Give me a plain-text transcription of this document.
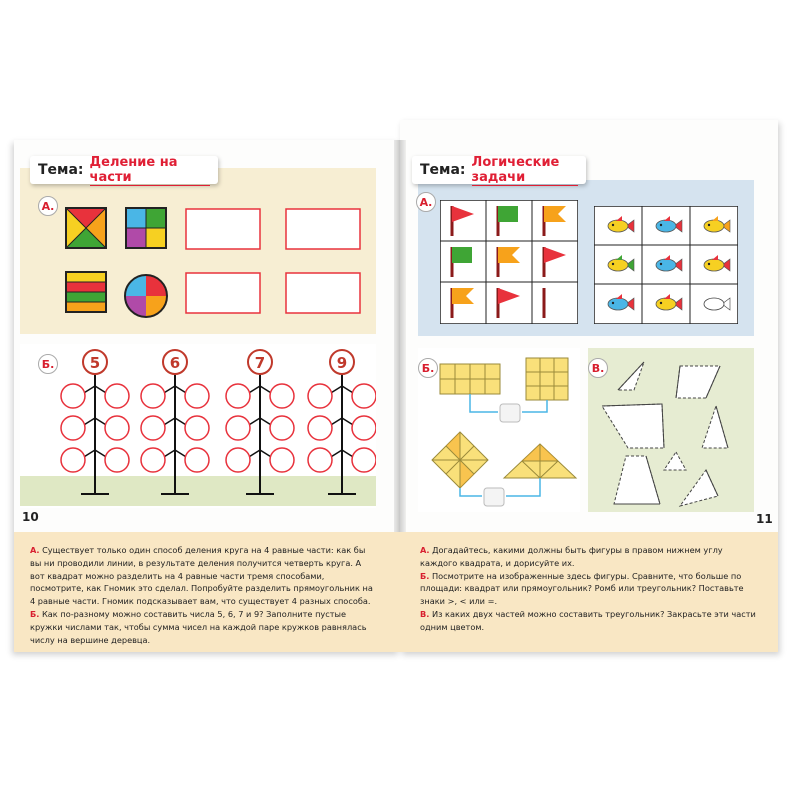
Тема: Деление на части
А.
Б. 5	6	7	9
10
А. Существует только один способ деления круга на 4 равные части: как бы вы ни проводили линии, в результате деления получится четверть круга. А вот квадрат можно разделить на 4 равные части тремя способами, посмотрите, как Гномик это сделал. Попробуйте разделить прямоугольник на 4 равные части. Гномик подсказывает вам, что существует 4 разных способа.
Б. Как по-разному можно составить числа 5, 6, 7 и 9? Заполните пустые кружки числами так, чтобы сумма чисел на каждой паре кружков равнялась числу на вершине деревца.
Тема: Логические задачи
А.
Б.	В.
11
А. Догадайтесь, какими должны быть фигуры в правом нижнем углу каждого квадрата, и дорисуйте их.
Б. Посмотрите на изображенные здесь фигуры. Сравните, что больше по площади: квадрат или прямоугольник? Ромб или треугольник? Поставьте знаки >, < или =.
В. Из каких двух частей можно составить треугольник? Закрасьте эти части одним цветом.
